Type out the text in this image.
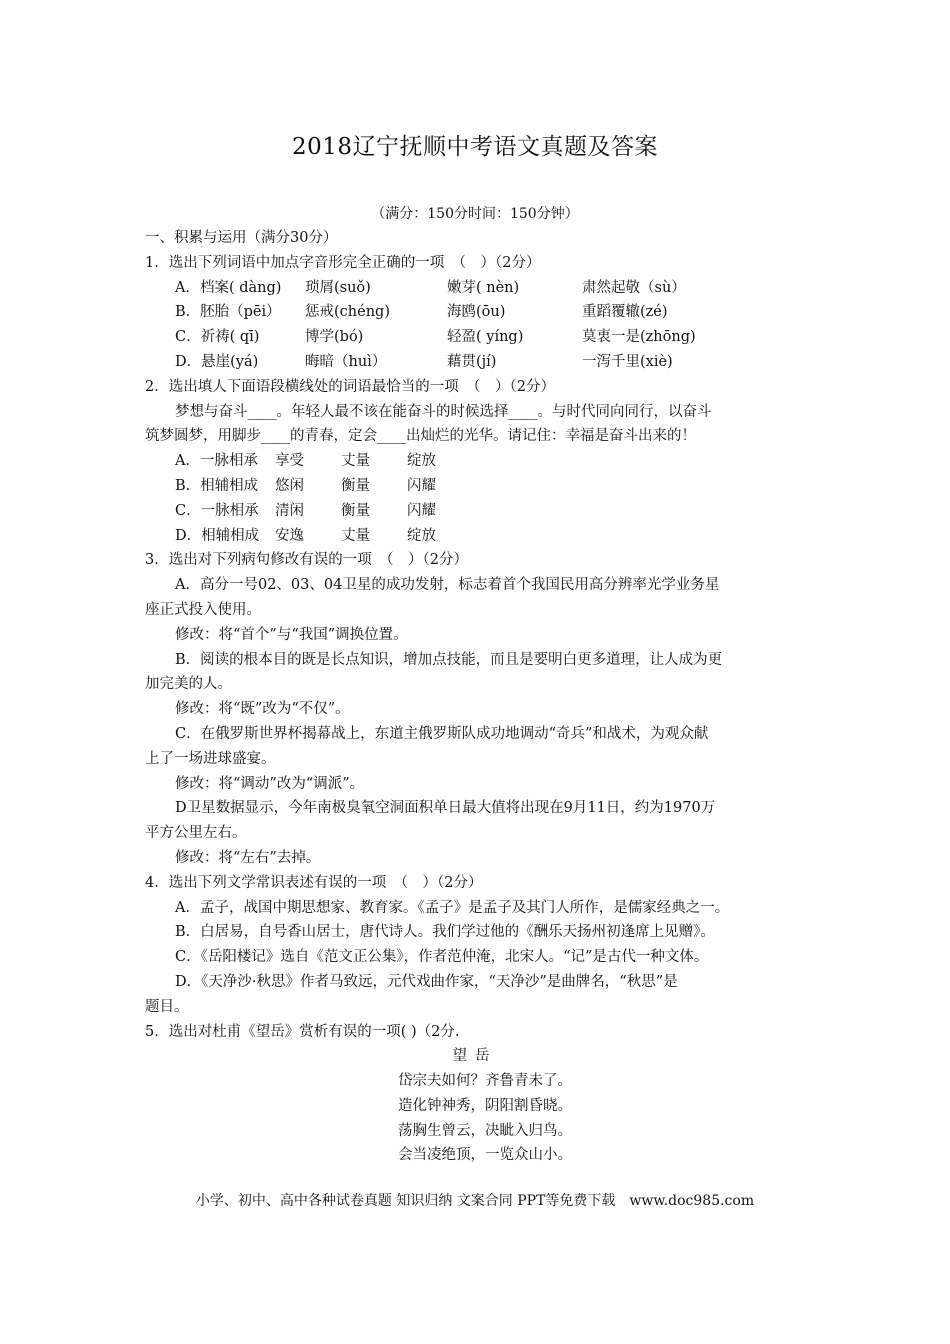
2018辽宁抚顺中考语文真题及答案
（满分：150分时间：150分钟）
一、积累与运用（满分30分）
1．选出下列词语中加点字音形完全正确的一项　（　）（2分）
A．档案( dàng) 琐屑(suǒ)	嫩芽( nèn)	肃然起敬（sù）
B．胚胎（pēi） 惩戒(chéng)	海鸥(ōu)	重蹈覆辙(zé)
C．祈祷( qī)	博学(bó)	轻盈( yíng)	莫衷一是(zhōng)
D．悬崖(yá)	晦暗（huì）	藉贯(jí)	一泻千里(xiè)
2．选出填人下面语段横线处的词语最恰当的一项　（　）（2分）
梦想与奋斗____。年轻人最不该在能奋斗的时候选择____。与时代同向同行，以奋斗
筑梦圆梦，用脚步____的青春，定会____出灿烂的光华。请记住：幸福是奋斗出来的！
A．一脉相承 享受	丈量	绽放
B．相辅相成 悠闲	衡量	闪耀
C．一脉相承 清闲	衡量	闪耀
D．相辅相成 安逸	丈量	绽放
3．选出对下列病句修改有误的一项　（　）（2分）
A．高分一号02、03、04卫星的成功发射，标志着首个我国民用高分辨率光学业务星
座正式投入使用。
修改：将“首个”与“我国”调换位置。
B．阅读的根本目的既是长点知识，增加点技能，而且是要明白更多道理，让人成为更
加完美的人。
修改：将“既”改为“不仅”。
C．在俄罗斯世界杯揭幕战上，东道主俄罗斯队成功地调动“奇兵”和战术，为观众献
上了一场进球盛宴。
修改：将“调动”改为“调派”。
D卫星数据显示，今年南极臭氧空洞面积单日最大值将出现在9月11日，约为1970万
平方公里左右。
修改：将“左右”去掉。
4．选出下列文学常识表述有误的一项　（　）（2分）
A．孟子，战国中期思想家、教育家。《孟子》是孟子及其门人所作，是儒家经典之一。
B．白居易，自号香山居士，唐代诗人。我们学过他的《酬乐天扬州初逢席上见赠》。
C．《岳阳楼记》选自《范文正公集》，作者范仲淹，北宋人。“记”是古代一种文体。
D．《天净沙·秋思》作者马致远，元代戏曲作家，“天净沙”是曲牌名，“秋思”是
题目。
5．选出对杜甫《望岳》赏析有误的一项( )（2分.
望岳
岱宗夫如何？齐鲁青未了。
造化钟神秀，阴阳割昏晓。
荡胸生曾云，决眦入归鸟。
会当凌绝顶，一览众山小。
小学、初中、高中各种试卷真题 知识归纳 文案合同 PPT等免费下载　www.doc985.com
